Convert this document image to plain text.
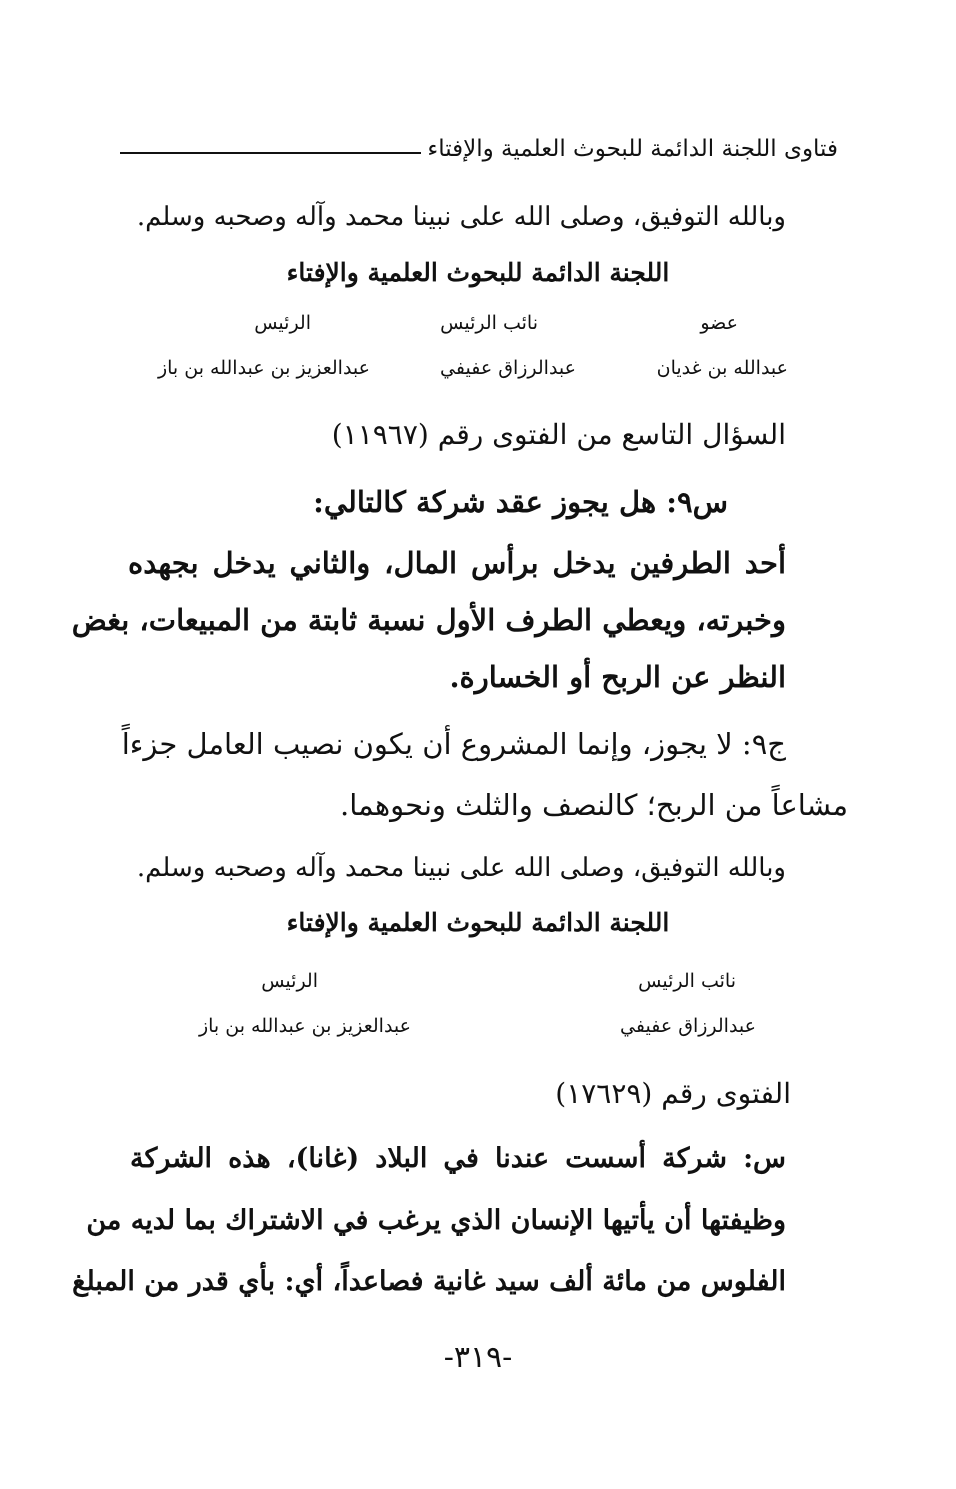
فتاوى اللجنة الدائمة للبحوث العلمية والإفتاء
وبالله التوفيق، وصلى الله على نبينا محمد وآله وصحبه وسلم.
اللجنة الدائمة للبحوث العلمية والإفتاء
عضو
نائب الرئيس
الرئيس
عبدالله بن غديان
عبدالرزاق عفيفي
عبدالعزيز بن عبدالله بن باز
السؤال التاسع من الفتوى رقم (١١٩٦٧)
س٩: هل يجوز عقد شركة كالتالي:
أحد الطرفين يدخل برأس المال، والثاني يدخل بجهده
وخبرته، ويعطي الطرف الأول نسبة ثابتة من المبيعات، بغض
النظر عن الربح أو الخسارة.
ج٩: لا يجوز، وإنما المشروع أن يكون نصيب العامل جزءاً
مشاعاً من الربح؛ كالنصف والثلث ونحوهما.
وبالله التوفيق، وصلى الله على نبينا محمد وآله وصحبه وسلم.
اللجنة الدائمة للبحوث العلمية والإفتاء
نائب الرئيس
الرئيس
عبدالرزاق عفيفي
عبدالعزيز بن عبدالله بن باز
الفتوى رقم (١٧٦٢٩)
س: شركة أسست عندنا في البلاد (غانا)، هذه الشركة
وظيفتها أن يأتيها الإنسان الذي يرغب في الاشتراك بما لديه من
الفلوس من مائة ألف سيد غانية فصاعداً، أي: بأي قدر من المبلغ
-٣١٩-
